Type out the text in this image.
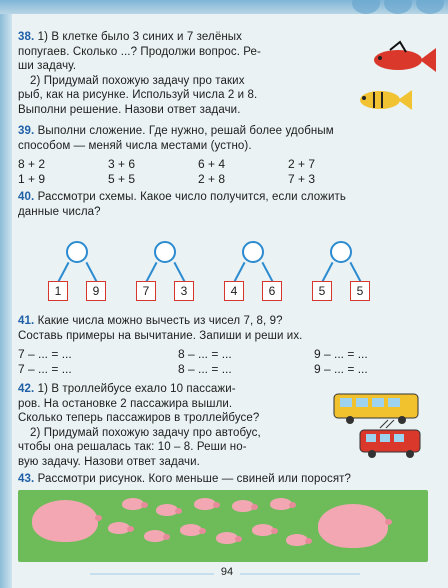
38. 1) В клетке было 3 синих и 7 зелёных
попугаев. Сколько ...? Продолжи вопрос. Ре-
ши задачу.
2) Придумай похожую задачу про таких
рыб, как на рисунке. Используй числа 2 и 8.
Выполни решение. Назови ответ задачи.
39. Выполни сложение. Где нужно, решай более удобным
способом — меняй числа местами (устно).
8 + 2	3 + 6	6 + 4	2 + 7
1 + 9	5 + 5	2 + 8	7 + 3
40. Рассмотри схемы. Какое число получится, если сложить
данные числа?
1	9	7	3	4	6	5	5
41. Какие числа можно вычесть из чисел 7, 8, 9?
Составь примеры на вычитание. Запиши и реши их.
7 – ... = ...	8 – ... = ...	9 – ... = ...
7 – ... = ...	8 – ... = ...	9 – ... = ...
42. 1) В троллейбусе ехало 10 пассажи-
ров. На остановке 2 пассажира вышли.
Сколько теперь пассажиров в троллейбусе?
2) Придумай похожую задачу про автобус,
чтобы она решалась так: 10 – 8. Реши но-
вую задачу. Назови ответ задачи.
43. Рассмотри рисунок. Кого меньше — свиней или поросят?
94
